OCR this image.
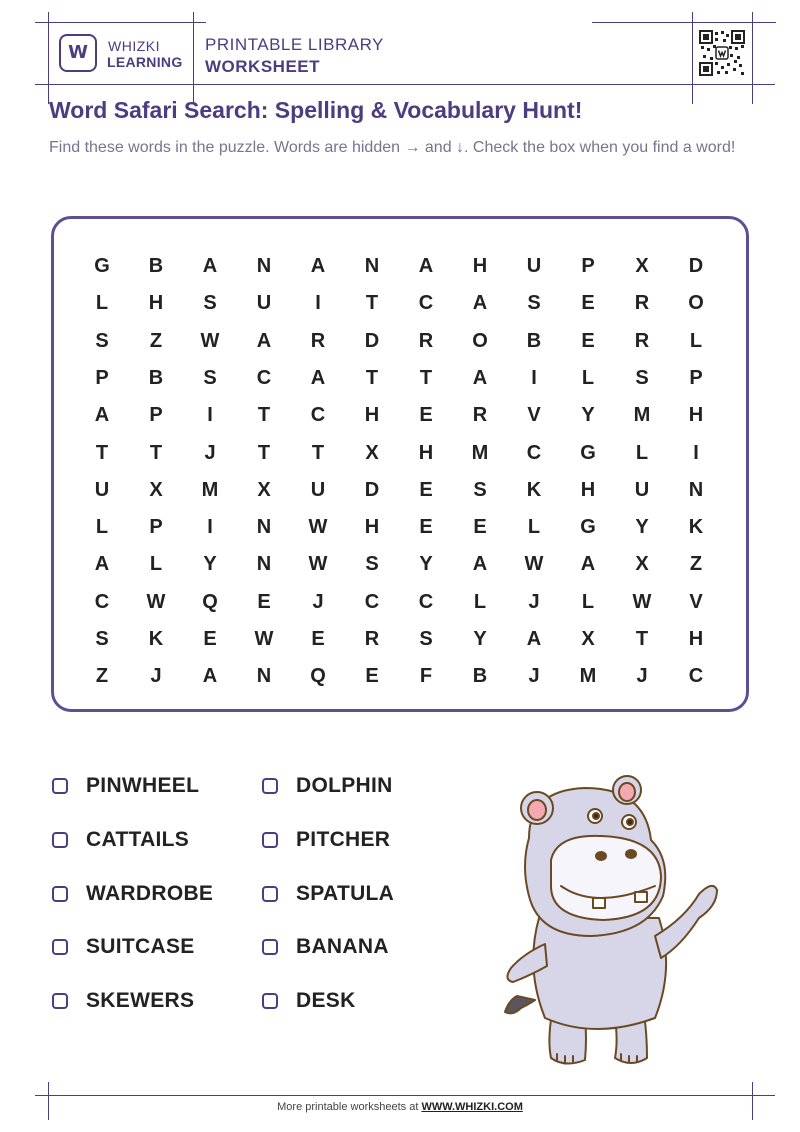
W	WHIZKI
LEARNING
PRINTABLE LIBRARY
WORKSHEET
Word Safari Search: Spelling & Vocabulary Hunt!
Find these words in the puzzle. Words are hidden → and ↓. Check the box when you find a word!
G	B	A	N	A	N	A	H	U	P	X	D
L	H	S	U	I	T	C	A	S	E	R	O
S	Z	W	A	R	D	R	O	B	E	R	L
P	B	S	C	A	T	T	A	I	L	S	P
A	P	I	T	C	H	E	R	V	Y	M	H
T	T	J	T	T	X	H	M	C	G	L	I
U	X	M	X	U	D	E	S	K	H	U	N
L	P	I	N	W	H	E	E	L	G	Y	K
A	L	Y	N	W	S	Y	A	W	A	X	Z
C	W	Q	E	J	C	C	L	J	L	W	V
S	K	E	W	E	R	S	Y	A	X	T	H
Z	J	A	N	Q	E	F	B	J	M	J	C
PINWHEEL
CATTAILS
WARDROBE
SUITCASE
SKEWERS
DOLPHIN
PITCHER
SPATULA
BANANA
DESK
More printable worksheets at WWW.WHIZKI.COM
